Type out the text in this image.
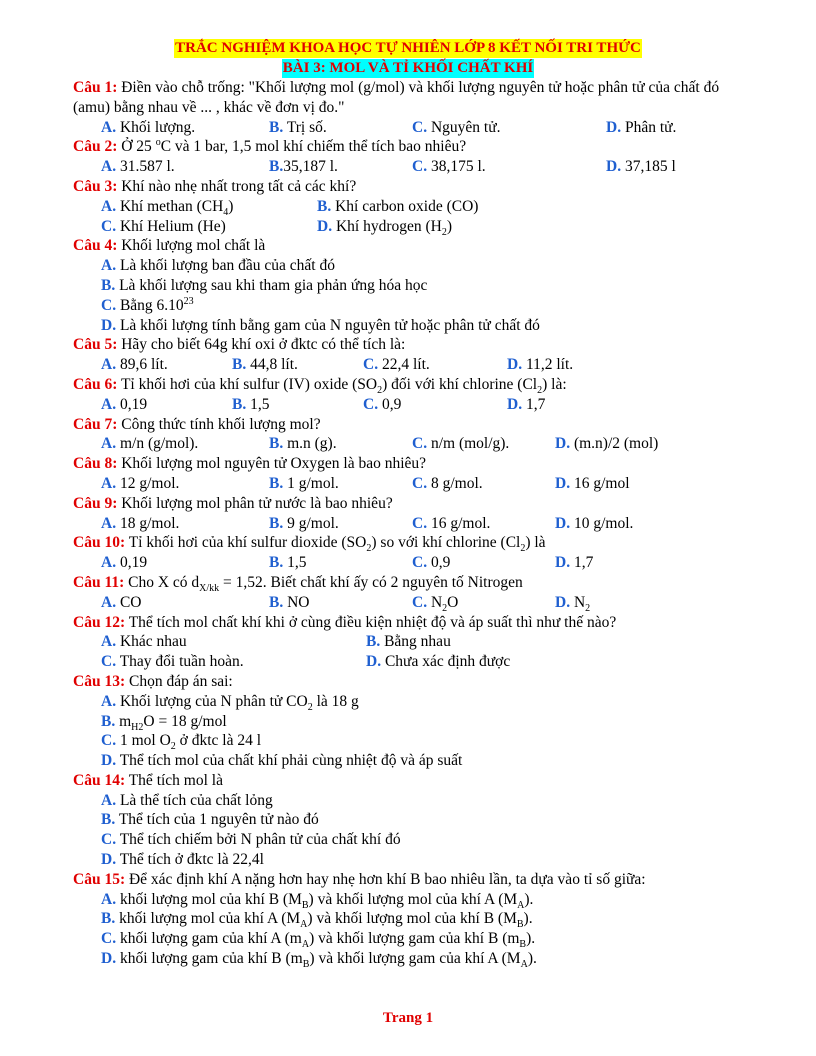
TRẮC NGHIỆM KHOA HỌC TỰ NHIÊN LỚP 8 KẾT NỐI TRI THỨC
BÀI 3: MOL VÀ TỈ KHỐI CHẤT KHÍ
Câu 1: Điền vào chỗ trống: "Khối lượng mol (g/mol) và khối lượng nguyên tử hoặc phân tử của chất đó (amu) bằng nhau về ... , khác về đơn vị đo."
A. Khối lượng.	B. Trị số.	C. Nguyên tử.	D. Phân tử.
Câu 2: Ở 25 $^o$C và 1 bar, 1,5 mol khí chiếm thể tích bao nhiêu?
A. 31.587 l.	B.35,187 l.	C. 38,175 l.	D. 37,185 l
Câu 3: Khí nào nhẹ nhất trong tất cả các khí?
A. Khí methan $(CH_4)$	B. Khí carbon oxide (CO)
C. Khí Helium (He)	D. Khí hydrogen $(H_2)$
Câu 4: Khối lượng mol chất là
A. Là khối lượng ban đầu của chất đó
B. Là khối lượng sau khi tham gia phản ứng hóa học
C. Bằng 6.10$^{23}$
D. Là khối lượng tính bằng gam của N nguyên tử hoặc phân tử chất đó
Câu 5: Hãy cho biết 64g khí oxi ở đktc có thể tích là:
A. 89,6 lít.	B. 44,8 lít.	C. 22,4 lít.	D. 11,2 lít.
Câu 6: Tỉ khối hơi của khí sulfur (IV) oxide $(SO_2)$ đối với khí chlorine $(Cl_2)$ là:
A. 0,19	B. 1,5	C. 0,9	D. 1,7
Câu 7: Công thức tính khối lượng mol?
A. m/n (g/mol).	B. m.n (g).	C. n/m (mol/g).	D. (m.n)/2 (mol)
Câu 8: Khối lượng mol nguyên tử Oxygen là bao nhiêu?
A. 12 g/mol.	B. 1 g/mol.	C. 8 g/mol.	D. 16 g/mol
Câu 9: Khối lượng mol phân tử nước là bao nhiêu?
A. 18 g/mol.	B. 9 g/mol.	C. 16 g/mol.	D. 10 g/mol.
Câu 10: Tỉ khối hơi của khí sulfur dioxide $(SO_2)$ so với khí chlorine $(Cl_2)$ là
A. 0,19	B. 1,5	C. 0,9	D. 1,7
Câu 11: Cho X có $d_{X/kk} = 1,52$. Biết chất khí ấy có 2 nguyên tố Nitrogen
A. CO	B. NO	C. $N_2O$	D. $N_2$
Câu 12: Thể tích mol chất khí khi ở cùng điều kiện nhiệt độ và áp suất thì như thế nào?
A. Khác nhau	B. Bằng nhau
C. Thay đổi tuần hoàn.	D. Chưa xác định được
Câu 13: Chọn đáp án sai:
A. Khối lượng của N phân tử $CO_2$ là 18 g
B. $m_{H2}O = 18$ g/mol
C. 1 mol $O_2$ ở đktc là 24 l
D. Thể tích mol của chất khí phải cùng nhiệt độ và áp suất
Câu 14: Thể tích mol là
A. Là thể tích của chất lỏng
B. Thể tích của 1 nguyên tử nào đó
C. Thể tích chiếm bởi N phân tử của chất khí đó
D. Thể tích ở đktc là 22,4l
Câu 15: Để xác định khí A nặng hơn hay nhẹ hơn khí B bao nhiêu lần, ta dựa vào tỉ số giữa:
A. khối lượng mol của khí B $(M_B)$ và khối lượng mol của khí A $(M_A)$.
B. khối lượng mol của khí A $(M_A)$ và khối lượng mol của khí B $(M_B)$.
C. khối lượng gam của khí A $(m_A)$ và khối lượng gam của khí B $(m_B)$.
D. khối lượng gam của khí B $(m_B)$ và khối lượng gam của khí A $(M_A)$.
Trang 1
